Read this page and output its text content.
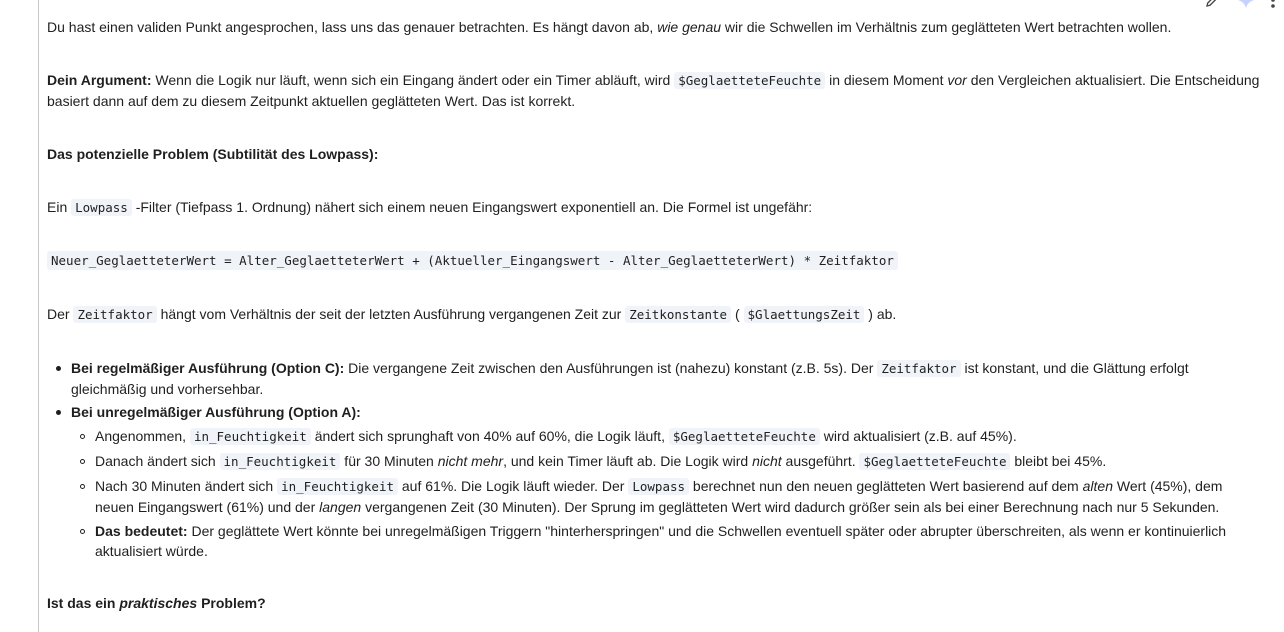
Du hast einen validen Punkt angesprochen, lass uns das genauer betrachten. Es hängt davon ab, wie genau wir die Schwellen im Verhältnis zum geglätteten Wert betrachten wollen.
Dein Argument: Wenn die Logik nur läuft, wenn sich ein Eingang ändert oder ein Timer abläuft, wird $GeglaetteteFeuchte in diesem Moment vor den Vergleichen aktualisiert. Die Entscheidung
basiert dann auf dem zu diesem Zeitpunkt aktuellen geglätteten Wert. Das ist korrekt.
Das potenzielle Problem (Subtilität des Lowpass):
Ein Lowpass -Filter (Tiefpass 1. Ordnung) nähert sich einem neuen Eingangswert exponentiell an. Die Formel ist ungefähr:
Neuer_GeglaetteterWert = Alter_GeglaetteterWert + (Aktueller_Eingangswert - Alter_GeglaetteterWert) * Zeitfaktor
Der Zeitfaktor hängt vom Verhältnis der seit der letzten Ausführung vergangenen Zeit zur Zeitkonstante ( $GlaettungsZeit ) ab.
Bei regelmäßiger Ausführung (Option C): Die vergangene Zeit zwischen den Ausführungen ist (nahezu) konstant (z.B. 5s). Der Zeitfaktor ist konstant, und die Glättung erfolgt
gleichmäßig und vorhersehbar.
Bei unregelmäßiger Ausführung (Option A):
Angenommen, in_Feuchtigkeit ändert sich sprunghaft von 40% auf 60%, die Logik läuft, $GeglaetteteFeuchte wird aktualisiert (z.B. auf 45%).
Danach ändert sich in_Feuchtigkeit für 30 Minuten nicht mehr, und kein Timer läuft ab. Die Logik wird nicht ausgeführt. $GeglaetteteFeuchte bleibt bei 45%.
Nach 30 Minuten ändert sich in_Feuchtigkeit auf 61%. Die Logik läuft wieder. Der Lowpass berechnet nun den neuen geglätteten Wert basierend auf dem alten Wert (45%), dem
neuen Eingangswert (61%) und der langen vergangenen Zeit (30 Minuten). Der Sprung im geglätteten Wert wird dadurch größer sein als bei einer Berechnung nach nur 5 Sekunden.
Das bedeutet: Der geglättete Wert könnte bei unregelmäßigen Triggern "hinterherspringen" und die Schwellen eventuell später oder abrupter überschreiten, als wenn er kontinuierlich
aktualisiert würde.
Ist das ein praktisches Problem?
